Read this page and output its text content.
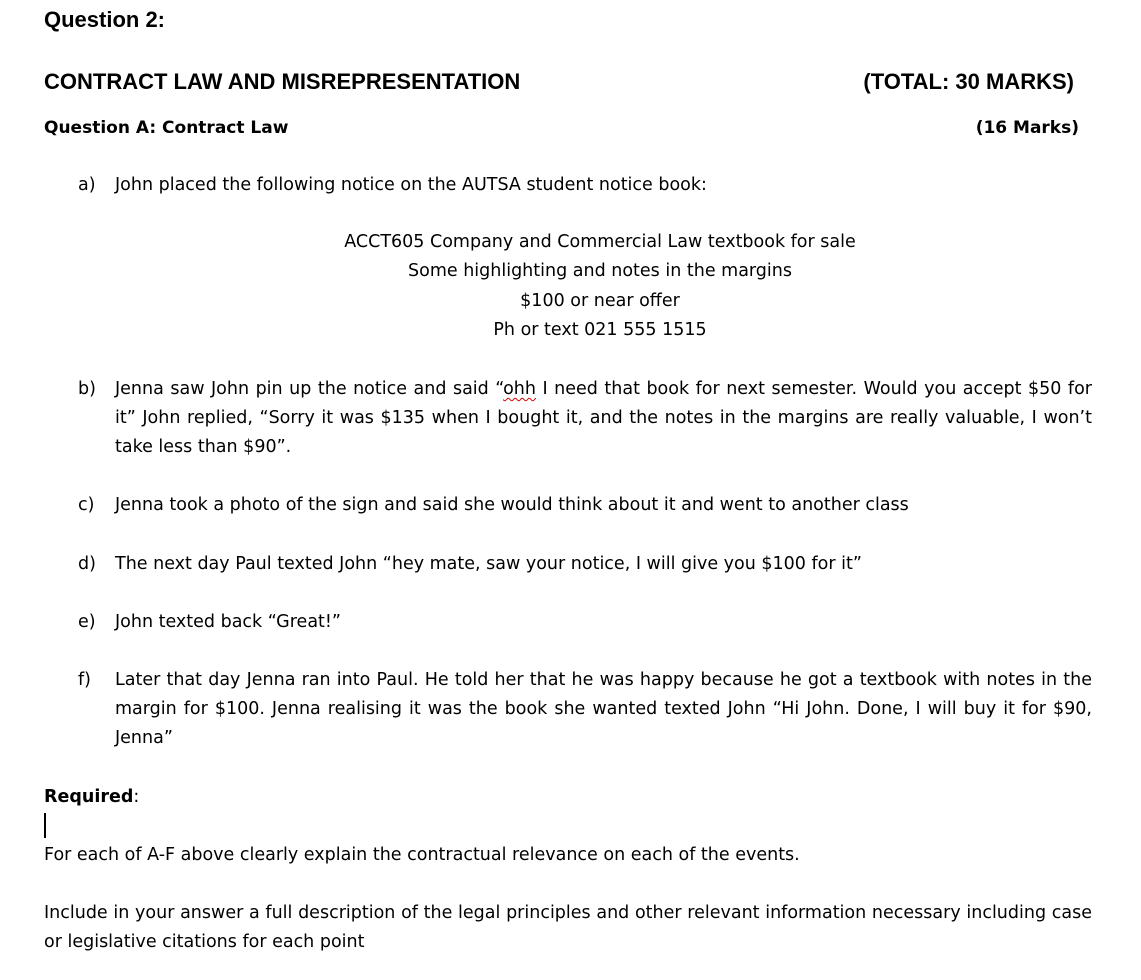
Question 2:
CONTRACT LAW AND MISREPRESENTATION	(TOTAL: 30 MARKS)
Question A: Contract Law	(16 Marks)
a) John placed the following notice on the AUTSA student notice book:
ACCT605 Company and Commercial Law textbook for sale
Some highlighting and notes in the margins
$100 or near offer
Ph or text 021 555 1515
b) Jenna saw John pin up the notice and said “ohh I need that book for next semester. Would you accept $50 for it” John replied, “Sorry it was $135 when I bought it, and the notes in the margins are really valuable, I won’t take less than $90”.
c) Jenna took a photo of the sign and said she would think about it and went to another class
d) The next day Paul texted John “hey mate, saw your notice, I will give you $100 for it”
e) John texted back “Great!”
f) Later that day Jenna ran into Paul. He told her that he was happy because he got a textbook with notes in the margin for $100. Jenna realising it was the book she wanted texted John “Hi John. Done, I will buy it for $90, Jenna”
Required:
For each of A-F above clearly explain the contractual relevance on each of the events.
Include in your answer a full description of the legal principles and other relevant information necessary including case or legislative citations for each point
